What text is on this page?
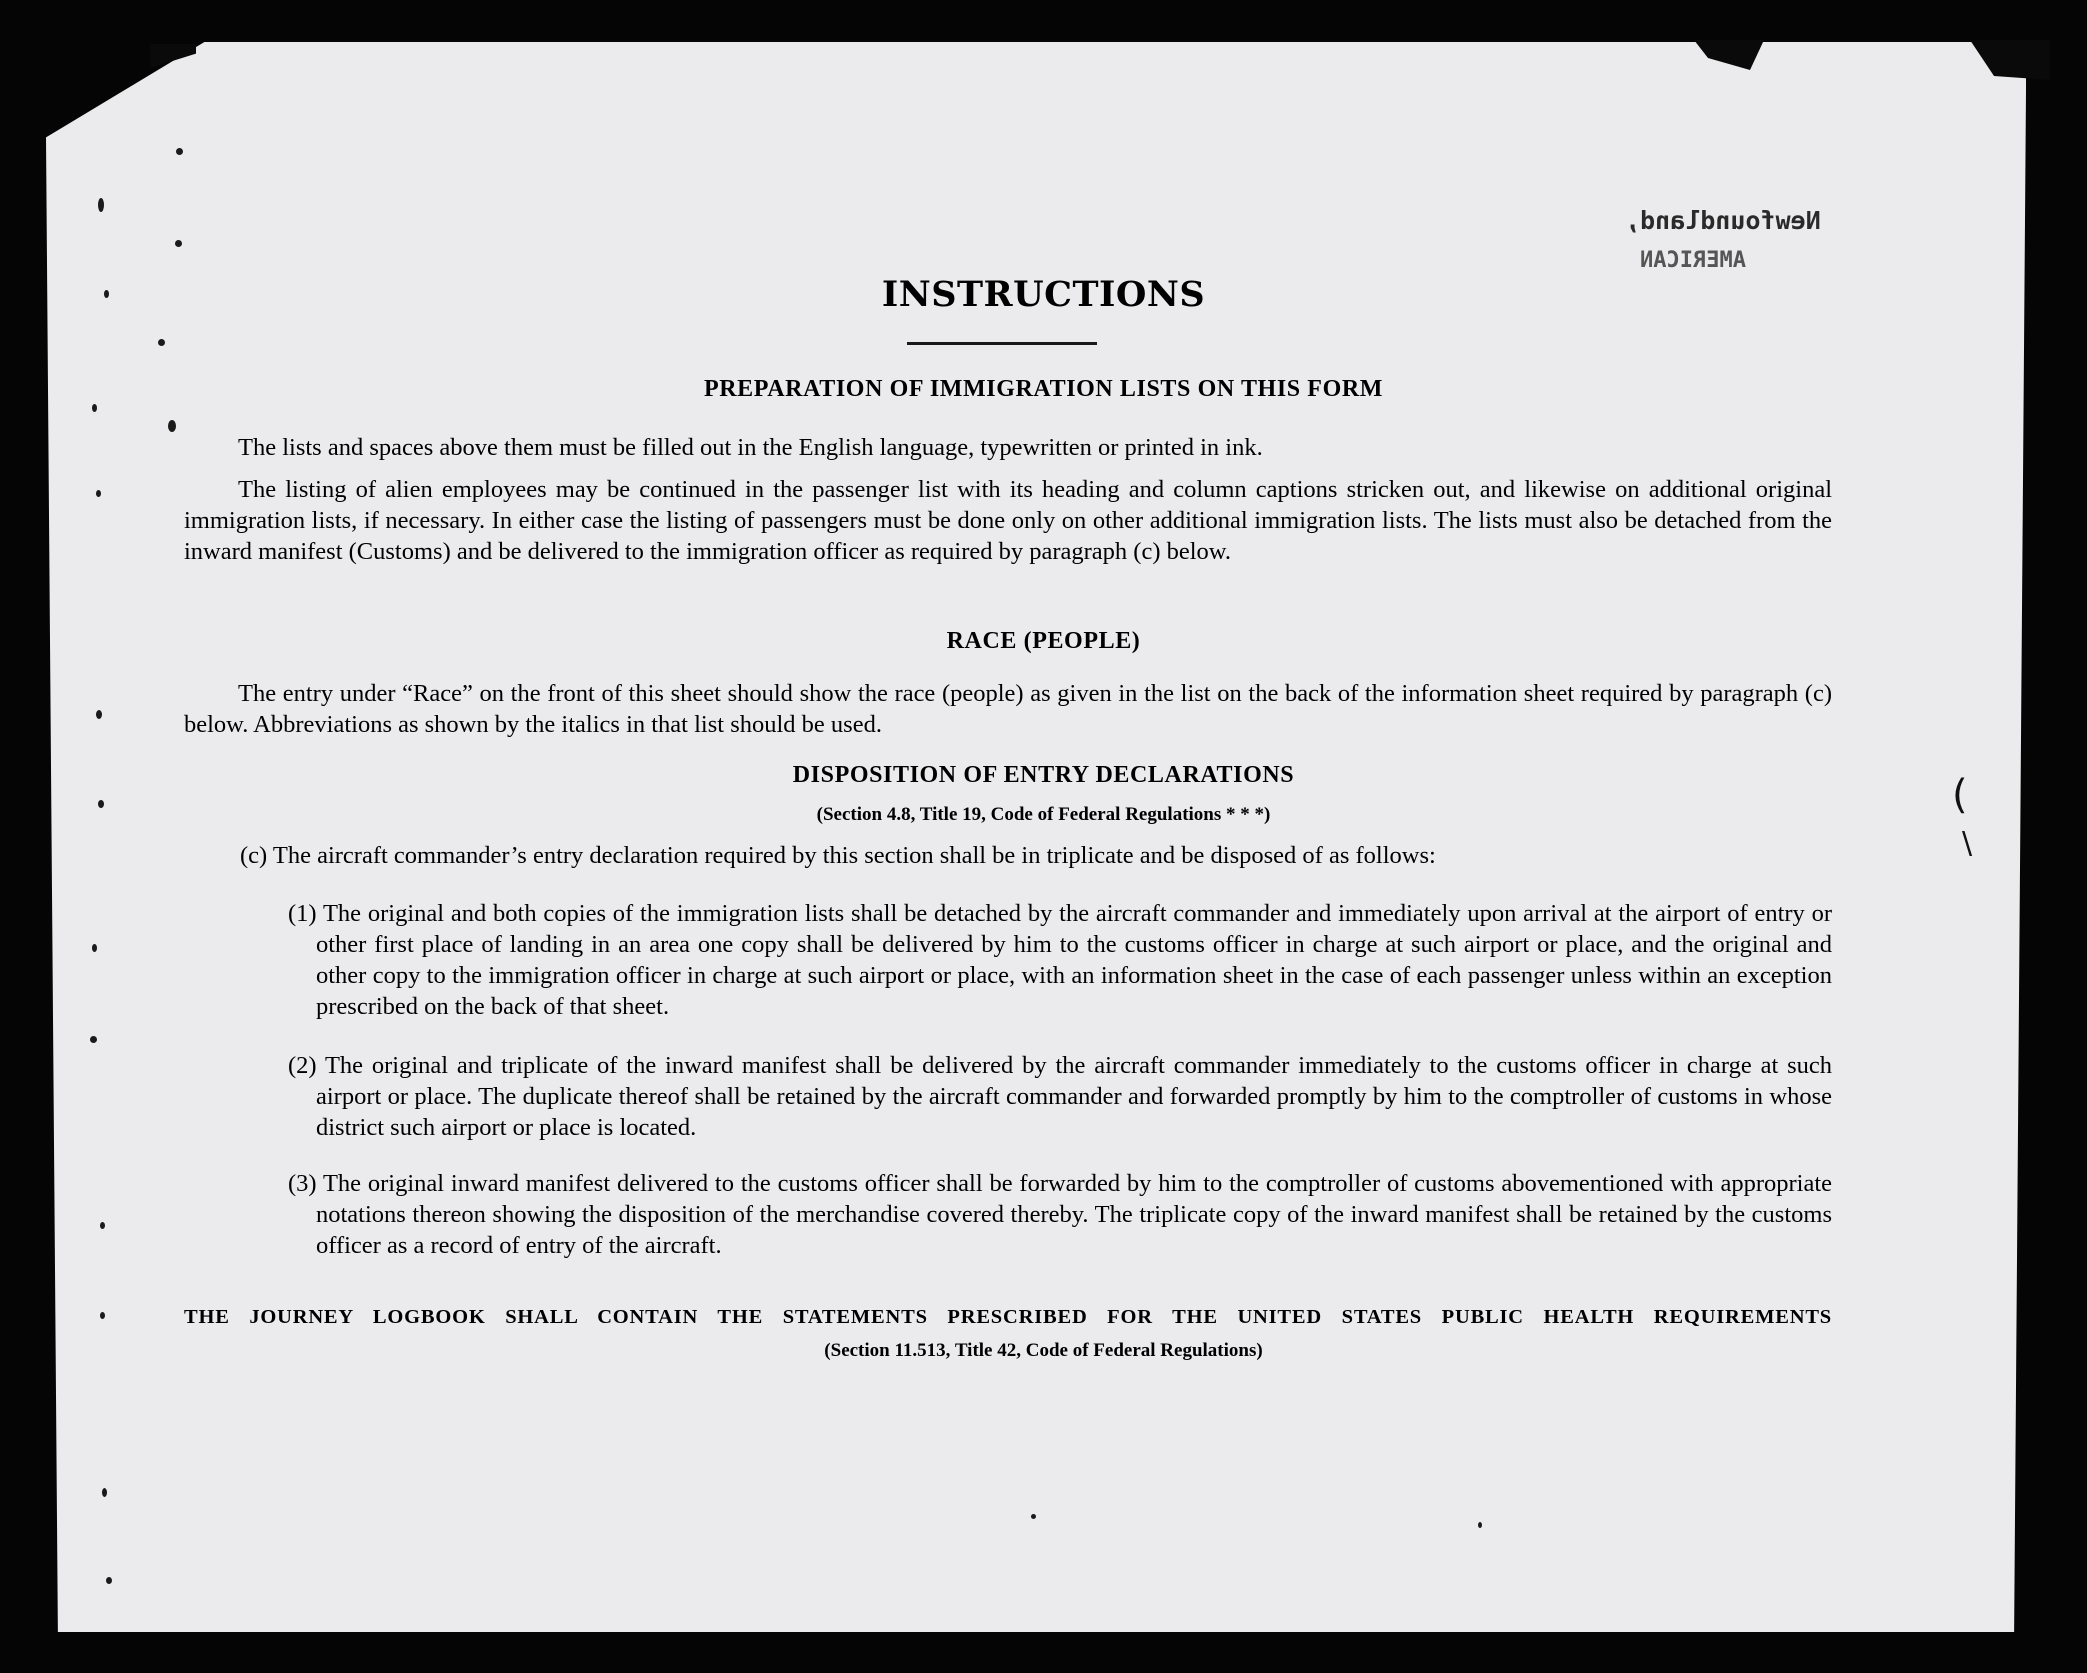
(
\
Newfoundland,
AMERICAN
INSTRUCTIONS
PREPARATION OF IMMIGRATION LISTS ON THIS FORM
The lists and spaces above them must be filled out in the English language, typewritten or printed in ink.
The listing of alien employees may be continued in the passenger list with its heading and column captions stricken out, and likewise on additional original immigration lists, if necessary. In either case the listing of passengers must be done only on other additional immigration lists. The lists must also be detached from the inward manifest (Customs) and be delivered to the immigration officer as required by paragraph (c) below.
RACE (PEOPLE)
The entry under “Race” on the front of this sheet should show the race (people) as given in the list on the back of the information sheet required by paragraph (c) below. Abbreviations as shown by the italics in that list should be used.
DISPOSITION OF ENTRY DECLARATIONS
(Section 4.8, Title 19, Code of Federal Regulations * * *)
(c) The aircraft commander’s entry declaration required by this section shall be in triplicate and be disposed of as follows:
(1) The original and both copies of the immigration lists shall be detached by the aircraft commander and immediately upon arrival at the airport of entry or other first place of landing in an area one copy shall be delivered by him to the customs officer in charge at such airport or place, and the original and other copy to the immigration officer in charge at such airport or place, with an information sheet in the case of each passenger unless within an exception prescribed on the back of that sheet.
(2) The original and triplicate of the inward manifest shall be delivered by the aircraft commander immediately to the customs officer in charge at such airport or place. The duplicate thereof shall be retained by the aircraft commander and forwarded promptly by him to the comptroller of customs in whose district such airport or place is located.
(3) The original inward manifest delivered to the customs officer shall be forwarded by him to the comptroller of customs abovementioned with appropriate notations thereon showing the disposition of the merchandise covered thereby. The triplicate copy of the inward manifest shall be retained by the customs officer as a record of entry of the aircraft.
THE JOURNEY LOGBOOK SHALL CONTAIN THE STATEMENTS PRESCRIBED FOR THE UNITED STATES PUBLIC HEALTH REQUIREMENTS
(Section 11.513, Title 42, Code of Federal Regulations)
